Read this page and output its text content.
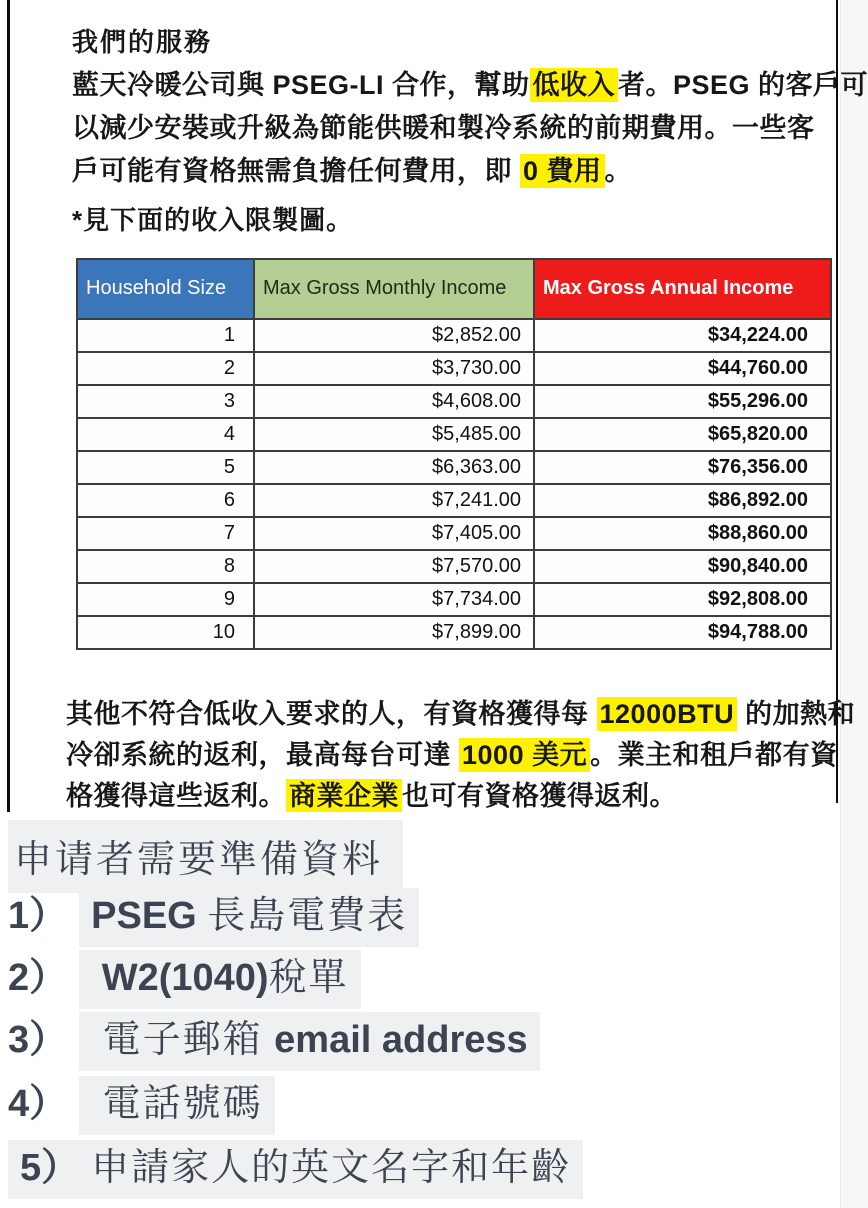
我們的服務
藍天冷暖公司與 PSEG-LI 合作，幫助 低收入 者。PSEG 的客戶可
以減少安裝或升級為節能供暖和製冷系統的前期費用。一些客
戶可能有資格無需負擔任何費用，即 0 費用 。
*見下面的收入限製圖。
Household Size	Max Gross Monthly Income	Max Gross Annual Income
1	$2,852.00	$34,224.00
2	$3,730.00	$44,760.00
3	$4,608.00	$55,296.00
4	$5,485.00	$65,820.00
5	$6,363.00	$76,356.00
6	$7,241.00	$86,892.00
7	$7,405.00	$88,860.00
8	$7,570.00	$90,840.00
9	$7,734.00	$92,808.00
10	$7,899.00	$94,788.00
其他不符合低收入要求的人，有資格獲得每 12000BTU 的加熱和
冷卻系統的返利，最高每台可達 1000 美元 。業主和租戶都有資
格獲得這些返利。 商業企業 也可有資格獲得返利。
申请者需要準備資料
1） PSEG 長島電費表
2） W2(1040)稅單
3） 電子郵箱 email address
4） 電話號碼
5） 申請家人的英文名字和年齡
